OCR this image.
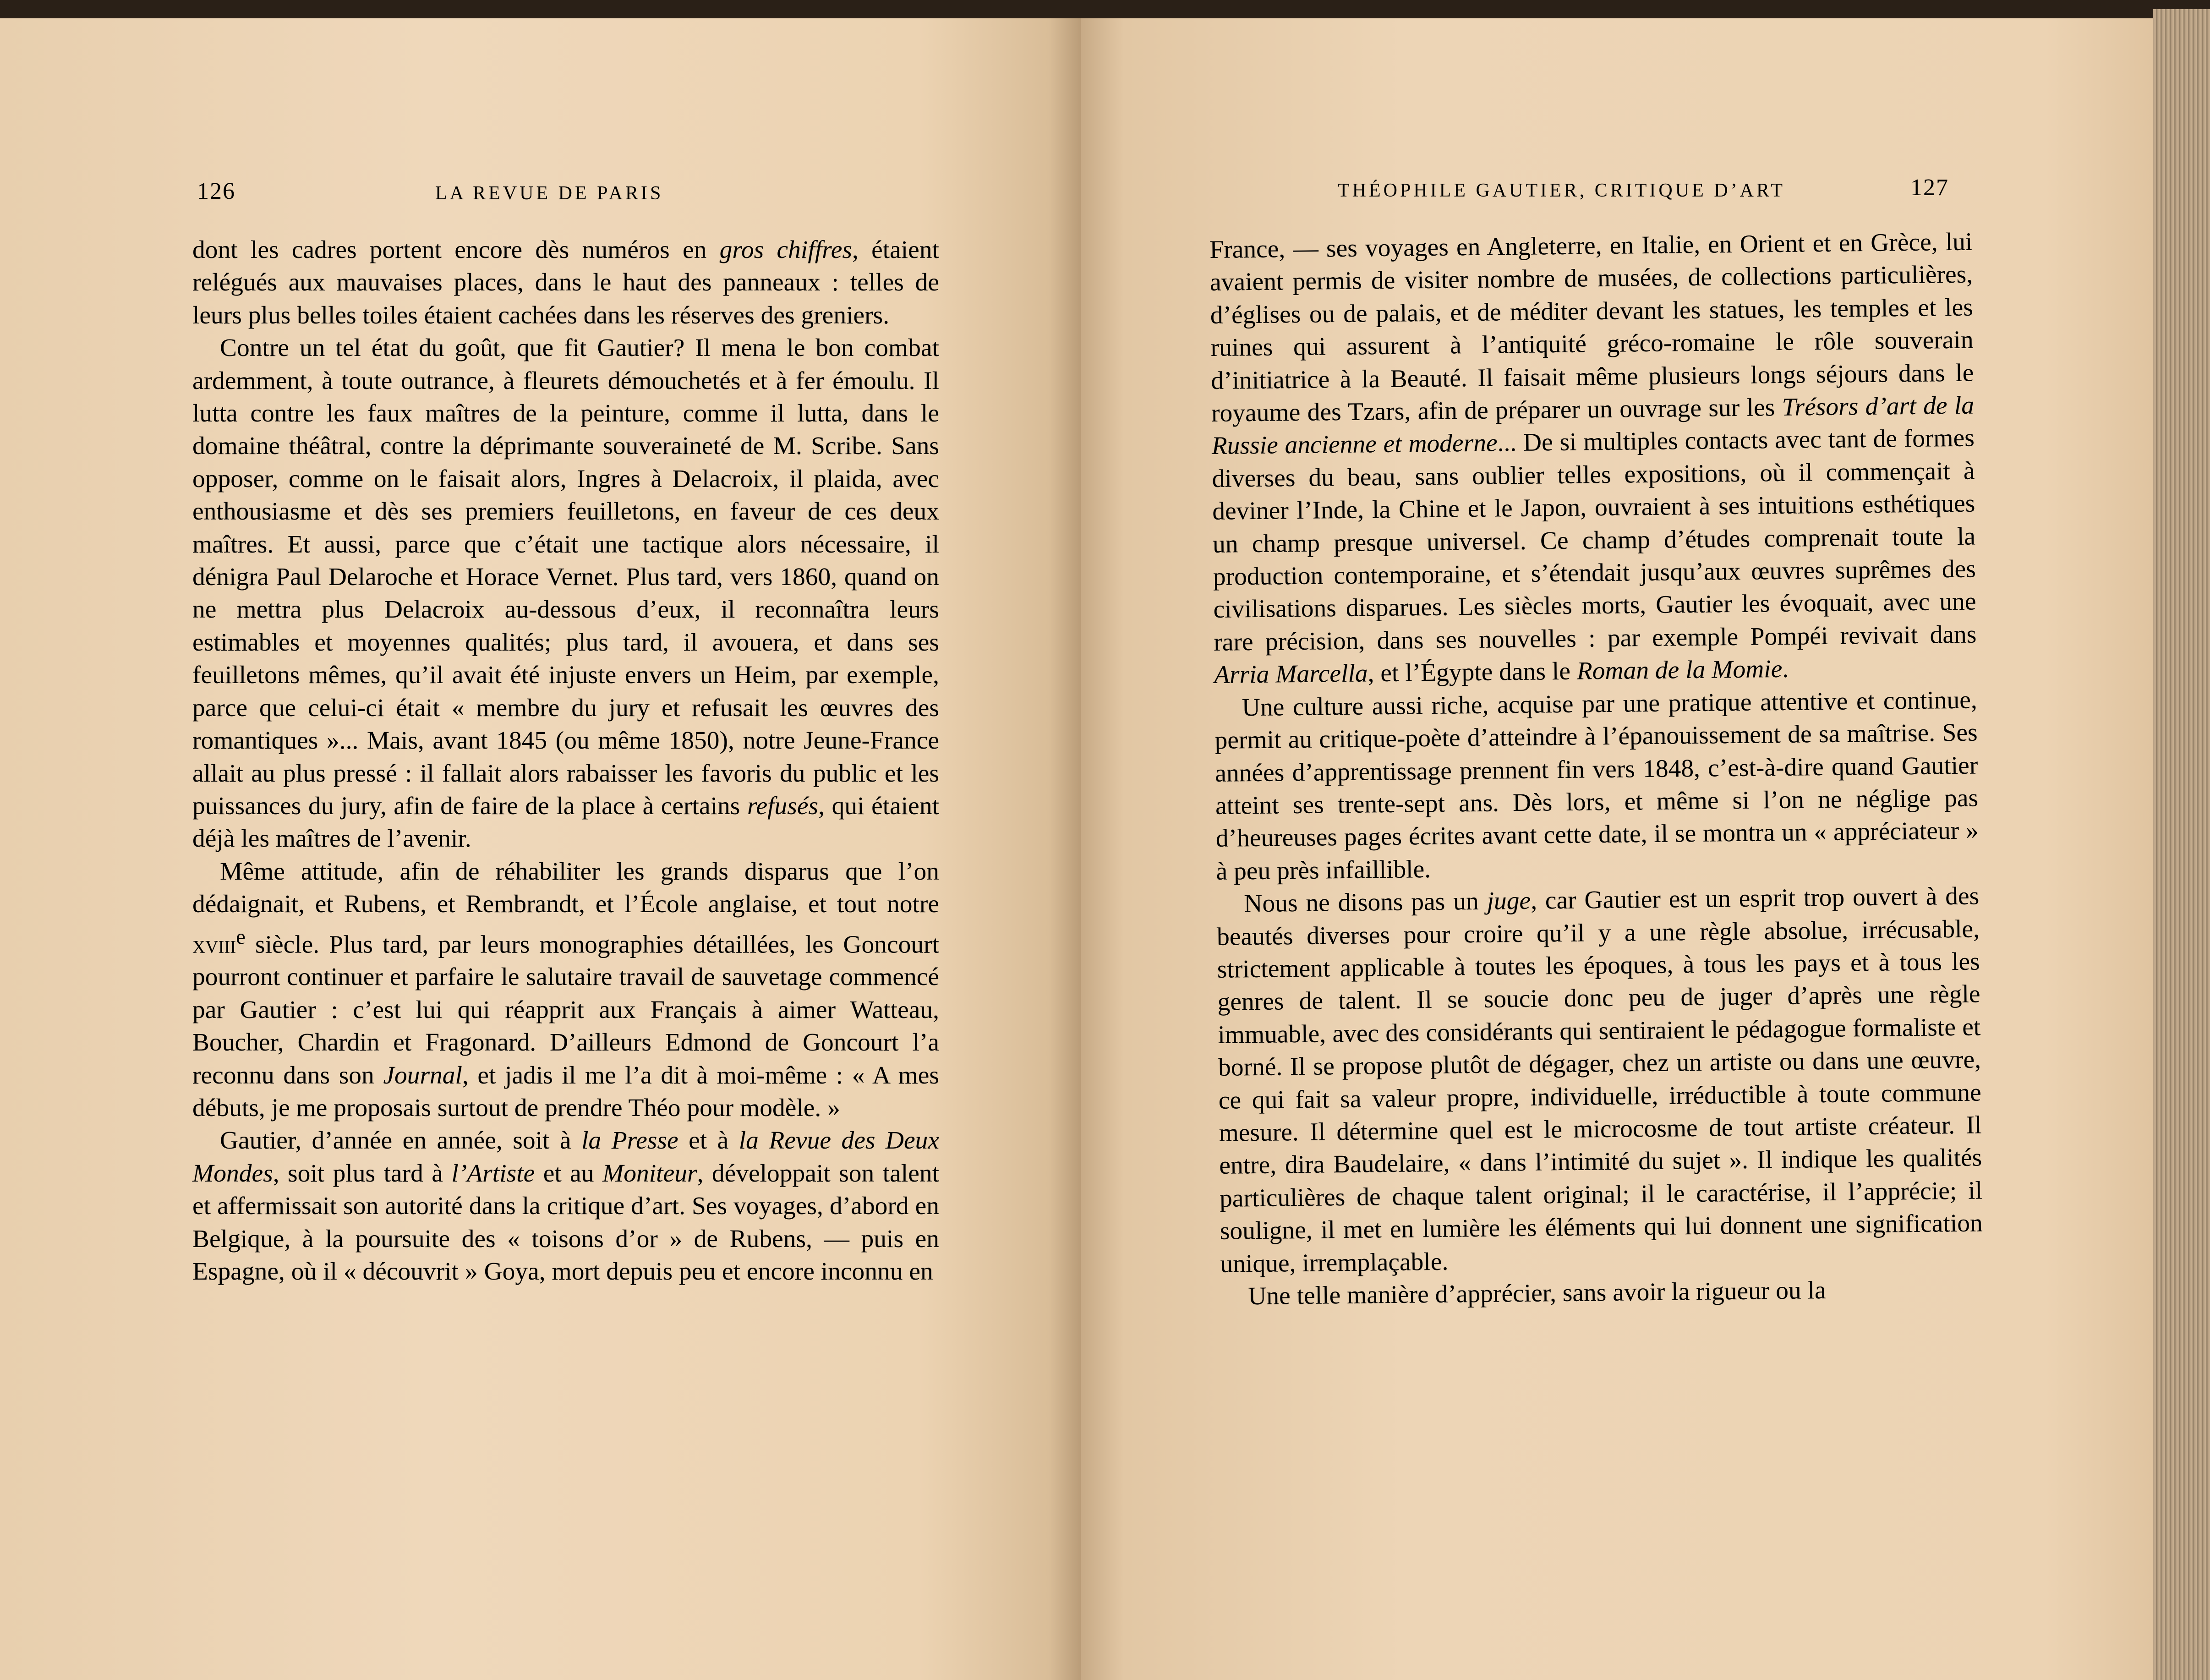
126	LA REVUE DE PARIS	THÉOPHILE GAUTIER, CRITIQUE D’ART	127

dont les cadres portent encore dès numéros en gros chiffres, étaient relégués aux mauvaises places, dans le haut des panneaux : telles de leurs plus belles toiles étaient cachées dans les réserves des greniers.

Contre un tel état du goût, que fit Gautier? Il mena le bon combat ardemment, à toute outrance, à fleurets démouchetés et à fer émoulu. Il lutta contre les faux maîtres de la peinture, comme il lutta, dans le domaine théâtral, contre la déprimante souveraineté de M. Scribe. Sans opposer, comme on le faisait alors, Ingres à Delacroix, il plaida, avec enthousiasme et dès ses premiers feuilletons, en faveur de ces deux maîtres. Et aussi, parce que c’était une tactique alors nécessaire, il dénigra Paul Delaroche et Horace Vernet. Plus tard, vers 1860, quand on ne mettra plus Delacroix au-dessous d’eux, il reconnaîtra leurs estimables et moyennes qualités; plus tard, il avouera, et dans ses feuilletons mêmes, qu’il avait été injuste envers un Heim, par exemple, parce que celui-ci était « membre du jury et refusait les œuvres des romantiques »... Mais, avant 1845 (ou même 1850), notre Jeune-France allait au plus pressé : il fallait alors rabaisser les favoris du public et les puissances du jury, afin de faire de la place à certains refusés, qui étaient déjà les maîtres de l’avenir.

Même attitude, afin de réhabiliter les grands disparus que l’on dédaignait, et Rubens, et Rembrandt, et l’École anglaise, et tout notre xviii$^e$ siècle. Plus tard, par leurs monographies détaillées, les Goncourt pourront continuer et parfaire le salutaire travail de sauvetage commencé par Gautier : c’est lui qui réapprit aux Français à aimer Watteau, Boucher, Chardin et Fragonard. D’ailleurs Edmond de Goncourt l’a reconnu dans son Journal, et jadis il me l’a dit à moi-même : « A mes débuts, je me proposais surtout de prendre Théo pour modèle. »

Gautier, d’année en année, soit à la Presse et à la Revue des Deux Mondes, soit plus tard à l’Artiste et au Moniteur, développait son talent et affermissait son autorité dans la critique d’art. Ses voyages, d’abord en Belgique, à la poursuite des « toisons d’or » de Rubens, — puis en Espagne, où il « découvrit » Goya, mort depuis peu et encore inconnu en

France, — ses voyages en Angleterre, en Italie, en Orient et en Grèce, lui avaient permis de visiter nombre de musées, de collections particulières, d’églises ou de palais, et de méditer devant les statues, les temples et les ruines qui assurent à l’antiquité gréco-romaine le rôle souverain d’initiatrice à la Beauté. Il faisait même plusieurs longs séjours dans le royaume des Tzars, afin de préparer un ouvrage sur les Trésors d’art de la Russie ancienne et moderne... De si multiples contacts avec tant de formes diverses du beau, sans oublier telles expositions, où il commençait à deviner l’Inde, la Chine et le Japon, ouvraient à ses intuitions esthétiques un champ presque universel. Ce champ d’études comprenait toute la production contemporaine, et s’étendait jusqu’aux œuvres suprêmes des civilisations disparues. Les siècles morts, Gautier les évoquait, avec une rare précision, dans ses nouvelles : par exemple Pompéi revivait dans Arria Marcella, et l’Égypte dans le Roman de la Momie.

Une culture aussi riche, acquise par une pratique attentive et continue, permit au critique-poète d’atteindre à l’épanouissement de sa maîtrise. Ses années d’apprentissage prennent fin vers 1848, c’est-à-dire quand Gautier atteint ses trente-sept ans. Dès lors, et même si l’on ne néglige pas d’heureuses pages écrites avant cette date, il se montra un « appréciateur » à peu près infaillible.

Nous ne disons pas un juge, car Gautier est un esprit trop ouvert à des beautés diverses pour croire qu’il y a une règle absolue, irrécusable, strictement applicable à toutes les époques, à tous les pays et à tous les genres de talent. Il se soucie donc peu de juger d’après une règle immuable, avec des considérants qui sentiraient le pédagogue formaliste et borné. Il se propose plutôt de dégager, chez un artiste ou dans une œuvre, ce qui fait sa valeur propre, individuelle, irréductible à toute commune mesure. Il détermine quel est le microcosme de tout artiste créateur. Il entre, dira Baudelaire, « dans l’intimité du sujet ». Il indique les qualités particulières de chaque talent original; il le caractérise, il l’apprécie; il souligne, il met en lumière les éléments qui lui donnent une signification unique, irremplaçable.

Une telle manière d’apprécier, sans avoir la rigueur ou la
